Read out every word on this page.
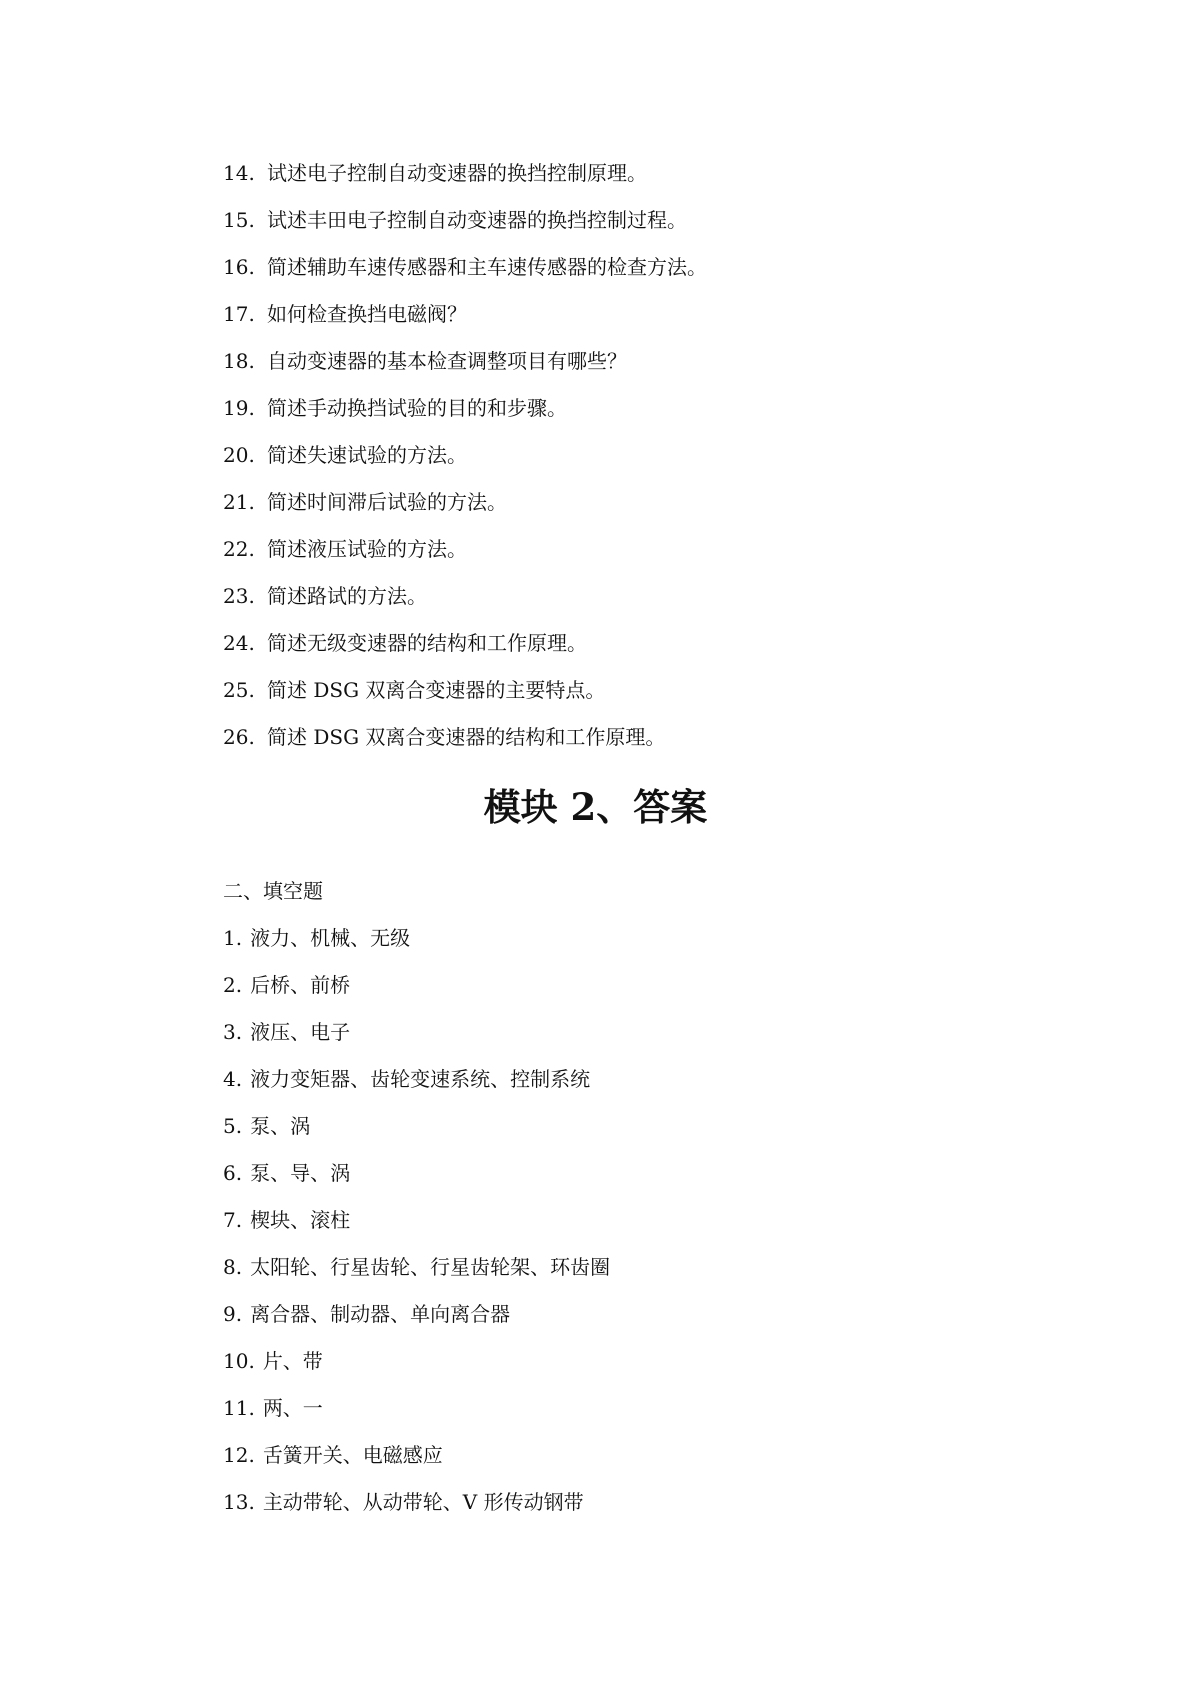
14. 试述电子控制自动变速器的换挡控制原理。
15. 试述丰田电子控制自动变速器的换挡控制过程。
16. 简述辅助车速传感器和主车速传感器的检查方法。
17. 如何检查换挡电磁阀？
18. 自动变速器的基本检查调整项目有哪些？
19. 简述手动换挡试验的目的和步骤。
20. 简述失速试验的方法。
21. 简述时间滞后试验的方法。
22. 简述液压试验的方法。
23. 简述路试的方法。
24. 简述无级变速器的结构和工作原理。
25. 简述 DSG 双离合变速器的主要特点。
26. 简述 DSG 双离合变速器的结构和工作原理。
模块 2、答案
二、填空题
1. 液力、机械、无级
2. 后桥、前桥
3. 液压、电子
4. 液力变矩器、齿轮变速系统、控制系统
5. 泵、涡
6. 泵、导、涡
7. 楔块、滚柱
8. 太阳轮、行星齿轮、行星齿轮架、环齿圈
9. 离合器、制动器、单向离合器
10. 片、带
11. 两、一
12. 舌簧开关、电磁感应
13. 主动带轮、从动带轮、V 形传动钢带
